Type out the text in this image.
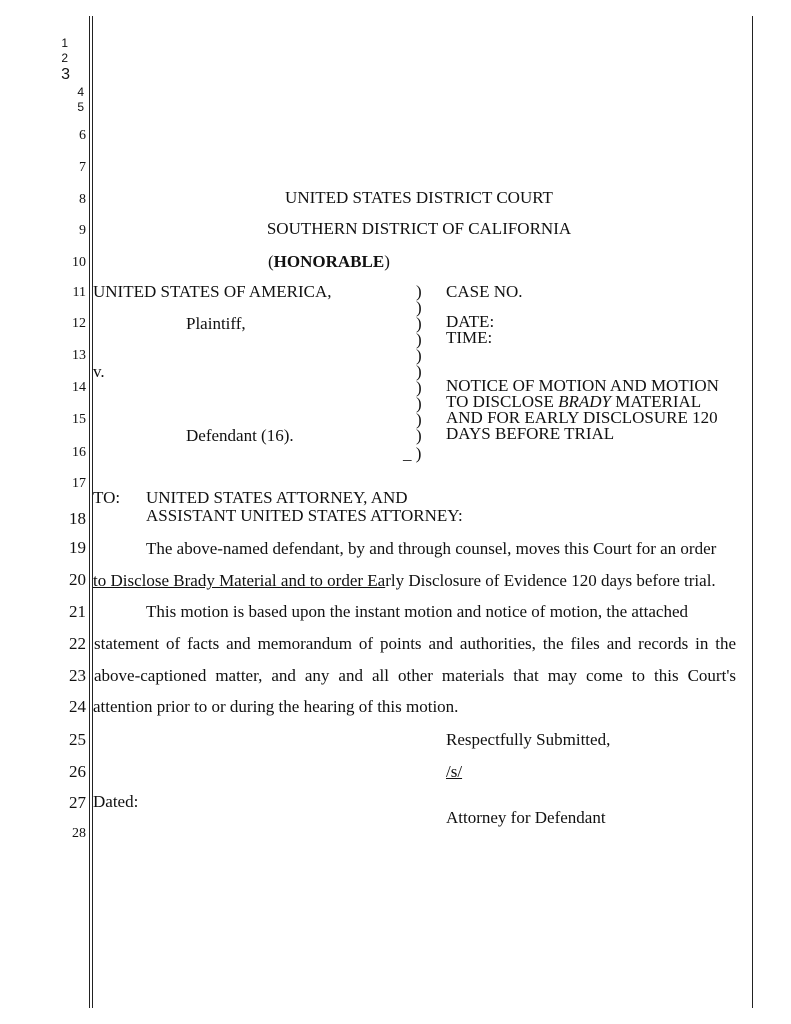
1
2
3
4
5
6
7
8
9
10
11
12
13
14
15
16
17
18
19
20
21
22
23
24
25
26
27
28
UNITED STATES DISTRICT COURT
SOUTHERN DISTRICT OF CALIFORNIA
(HONORABLE)
UNITED STATES OF AMERICA,
Plaintiff,
v.
Defendant (16).
)
)
)
)
)
)
)
)
)
)
_ )
CASE NO.
DATE:
TIME:
NOTICE OF MOTION AND MOTION
TO DISCLOSE BRADY MATERIAL
AND FOR EARLY DISCLOSURE 120
DAYS BEFORE TRIAL
TO: UNITED STATES ATTORNEY, AND
ASSISTANT UNITED STATES ATTORNEY:
The above-named defendant, by and through counsel, moves this Court for an order
to Disclose Brady Material and to order Early Disclosure of Evidence 120 days before trial.
This motion is based upon the instant motion and notice of motion, the attached
statement of facts and memorandum of points and authorities, the files and records in the
above-captioned matter, and any and all other materials that may come to this Court's
attention prior to or during the hearing of this motion.
Respectfully Submitted,
/s/
Dated:
Attorney for Defendant
